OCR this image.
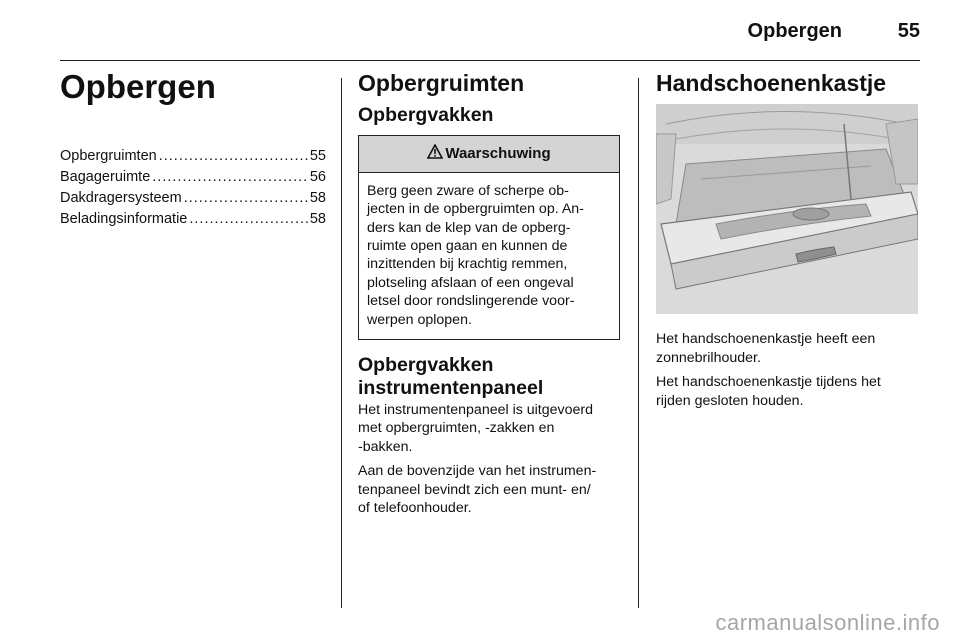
Opbergen	55
Opbergen
Opbergruimten .....	55
Bagageruimte .....	56
Dakdragersysteem .....	58
Beladingsinformatie .....	58
Opbergruimten
Opbergvakken
Waarschuwing
Berg geen zware of scherpe ob-
jecten in de opbergruimten op. An-
ders kan de klep van de opberg-
ruimte open gaan en kunnen de
inzittenden bij krachtig remmen,
plotseling afslaan of een ongeval
letsel door rondslingerende voor-
werpen oplopen.
Opbergvakken
instrumentenpaneel

Het instrumentenpaneel is uitgevoerd
met opbergruimten, -zakken en
-bakken.

Aan de bovenzijde van het instrumen-
tenpaneel bevindt zich een munt- en/
of telefoonhouder.

Handschoenenkastje

Het handschoenenkastje heeft een
zonnebrilhouder.

Het handschoenenkastje tijdens het
rijden gesloten houden.

carmanualsonline.info
